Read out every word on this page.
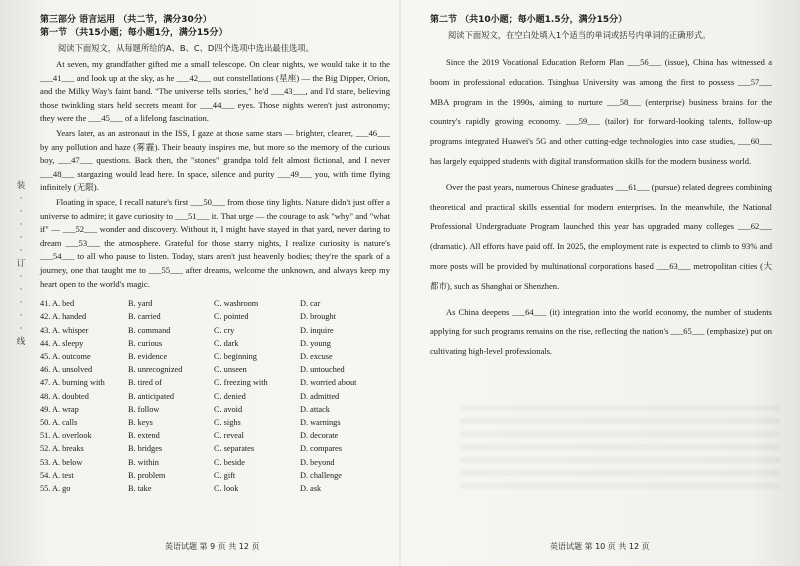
装
·
·
·
·
·
订
·
·
·
·
·
线

第三部分 语言运用 （共二节，满分30分）

第一节 （共15小题；每小题1分，满分15分）

阅读下面短文，从每题所给的A、B、C、D四个选项中选出最佳选项。

At seven, my grandfather gifted me a small telescope. On clear nights, we would take it to the ___41___ and look up at the sky, as he ___42___ out constellations (星座) — the Big Dipper, Orion, and the Milky Way's faint band. "The universe tells stories," he'd ___43___, and I'd stare, believing those twinkling stars held secrets meant for ___44___ eyes. Those nights weren't just astronomy; they were the ___45___ of a lifelong fascination.

Years later, as an astronaut in the ISS, I gaze at those same stars — brighter, clearer, ___46___ by any pollution and haze (雾霾). Their beauty inspires me, but more so the memory of the curious boy, ___47___ questions. Back then, the "stones" grandpa told felt almost fictional, and I never ___48___ stargazing would lead here. In space, silence and purity ___49___ you, with time flying infinitely (无限).

Floating in space, I recall nature's first ___50___ from those tiny lights. Nature didn't just offer a universe to admire; it gave curiosity to ___51___ it. That urge — the courage to ask "why" and "what if" — ___52___ wonder and discovery. Without it, I might have stayed in that yard, never daring to dream ___53___ the atmosphere. Grateful for those starry nights, I realize curiosity is nature's ___54___ to all who pause to listen. Today, stars aren't just heavenly bodies; they're the spark of a journey, one that taught me to ___55___ after dreams, welcome the unknown, and always keep my heart open to the world's magic.

41. A. bed	B. yard	C. washroom	D. car
42. A. handed	B. carried	C. pointed	D. brought
43. A. whisper	B. command	C. cry	D. inquire
44. A. sleepy	B. curious	C. dark	D. young
45. A. outcome	B. evidence	C. beginning	D. excuse
46. A. unsolved	B. unrecognized	C. unseen	D. untouched
47. A. burning with	B. tired of	C. freezing with	D. worried about
48. A. doubted	B. anticipated	C. denied	D. admitted
49. A. wrap	B. follow	C. avoid	D. attack
50. A. calls	B. keys	C. sighs	D. warnings
51. A. overlook	B. extend	C. reveal	D. decorate
52. A. breaks	B. bridges	C. separates	D. compares
53. A. below	B. within	C. beside	D. beyond
54. A. test	B. problem	C. gift	D. challenge
55. A. go	B. take	C. look	D. ask
英语试题 第 9 页 共 12 页

第二节 （共10小题；每小题1.5分，满分15分）

阅读下面短文，在空白处填入1个适当的单词或括号内单词的正确形式。

Since the 2019 Vocational Education Reform Plan ___56___ (issue), China has witnessed a boom in professional education. Tsinghua University was among the first to possess ___57___ MBA program in the 1990s, aiming to nurture ___58___ (enterprise) business brains for the country's rapidly growing economy. ___59___ (tailor) for forward-looking talents, follow-up programs integrated Huawei's 5G and other cutting-edge technologies into case studies, ___60___ has largely equipped students with digital transformation skills for the modern business world.

Over the past years, numerous Chinese graduates ___61___ (pursue) related degrees combining theoretical and practical skills essential for modern enterprises. In the meanwhile, the National Professional Undergraduate Program launched this year has upgraded many colleges ___62___ (dramatic). All efforts have paid off. In 2025, the employment rate is expected to climb to 93% and more posts will be provided by multinational corporations based ___63___ metropolitan cities (大都市), such as Shanghai or Shenzhen.

As China deepens ___64___ (it) integration into the world economy, the number of students applying for such programs remains on the rise, reflecting the nation's ___65___ (emphasize) put on cultivating high-level professionals.

英语试题 第 10 页 共 12 页
